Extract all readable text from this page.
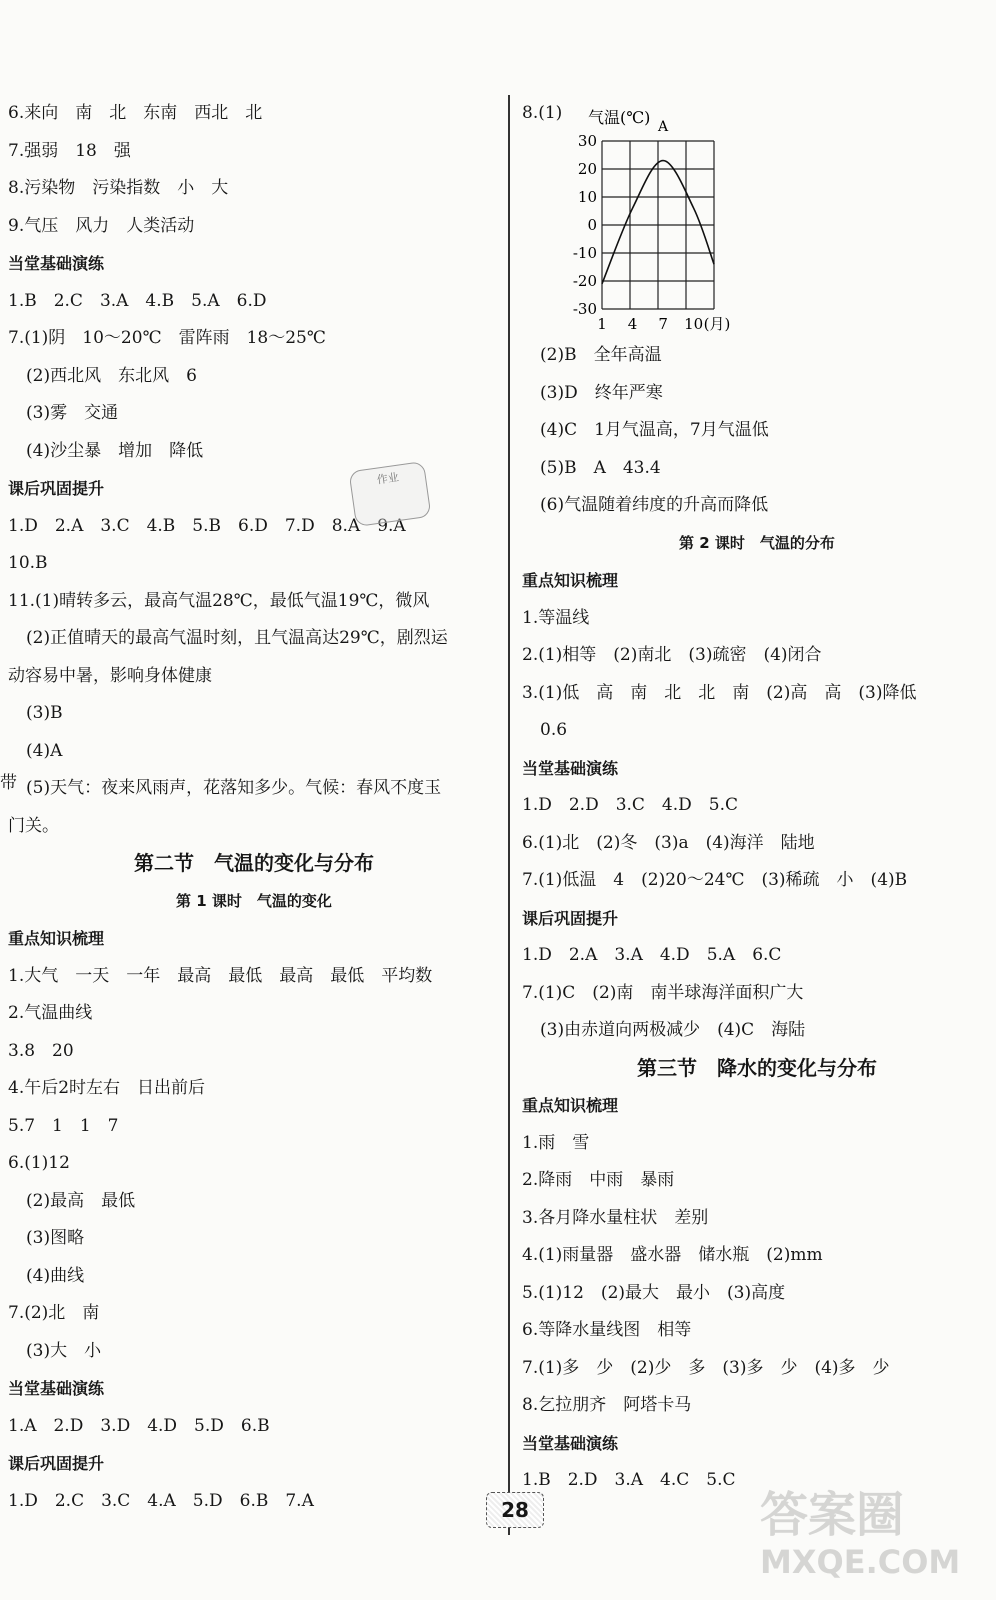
6.来向　南　北　东南　西北　北
7.强弱　18　强
8.污染物　污染指数　小　大
9.气压　风力　人类活动
当堂基础演练
1.B　2.C　3.A　4.B　5.A　6.D
7.(1)阴　10～20℃　雷阵雨　18～25℃
(2)西北风　东北风　6
(3)雾　交通
(4)沙尘暴　增加　降低
课后巩固提升
1.D　2.A　3.C　4.B　5.B　6.D　7.D　8.A　9.A
10.B
11.(1)晴转多云，最高气温28℃，最低气温19℃，微风
(2)正值晴天的最高气温时刻，且气温高达29℃，剧烈运
动容易中暑，影响身体健康
(3)B
(4)A
(5)天气：夜来风雨声，花落知多少。气候：春风不度玉
门关。
第二节　气温的变化与分布
第 1 课时　气温的变化
重点知识梳理
1.大气　一天　一年　最高　最低　最高　最低　平均数
2.气温曲线
3.8　20
4.午后2时左右　日出前后
5.7　1　1　7
6.(1)12
(2)最高　最低
(3)图略
(4)曲线
7.(2)北　南
(3)大　小
当堂基础演练
1.A　2.D　3.D　4.D　5.D　6.B
课后巩固提升
1.D　2.C　3.C　4.A　5.D　6.B　7.A
8.(1)
30
20
10
0
-10
-20
-30
1 4 7 10 (月)
气温(℃) A
(2)B　全年高温
(3)D　终年严寒
(4)C　1月气温高，7月气温低
(5)B　A　43.4
(6)气温随着纬度的升高而降低
第 2 课时　气温的分布
重点知识梳理
1.等温线
2.(1)相等　(2)南北　(3)疏密　(4)闭合
3.(1)低　高　南　北　北　南　(2)高　高　(3)降低
0.6
当堂基础演练
1.D　2.D　3.C　4.D　5.C
6.(1)北　(2)冬　(3)a　(4)海洋　陆地
7.(1)低温　4　(2)20～24℃　(3)稀疏　小　(4)B
课后巩固提升
1.D　2.A　3.A　4.D　5.A　6.C
7.(1)C　(2)南　南半球海洋面积广大
(3)由赤道向两极减少　(4)C　海陆
第三节　降水的变化与分布
重点知识梳理
1.雨　雪
2.降雨　中雨　暴雨
3.各月降水量柱状　差别
4.(1)雨量器　盛水器　储水瓶　(2)mm
5.(1)12　(2)最大　最小　(3)高度
6.等降水量线图　相等
7.(1)多　少　(2)少　多　(3)多　少　(4)多　少
8.乞拉朋齐　阿塔卡马
当堂基础演练
1.B　2.D　3.A　4.C　5.C
带
作业
28	答案圈
MXQE.COM
